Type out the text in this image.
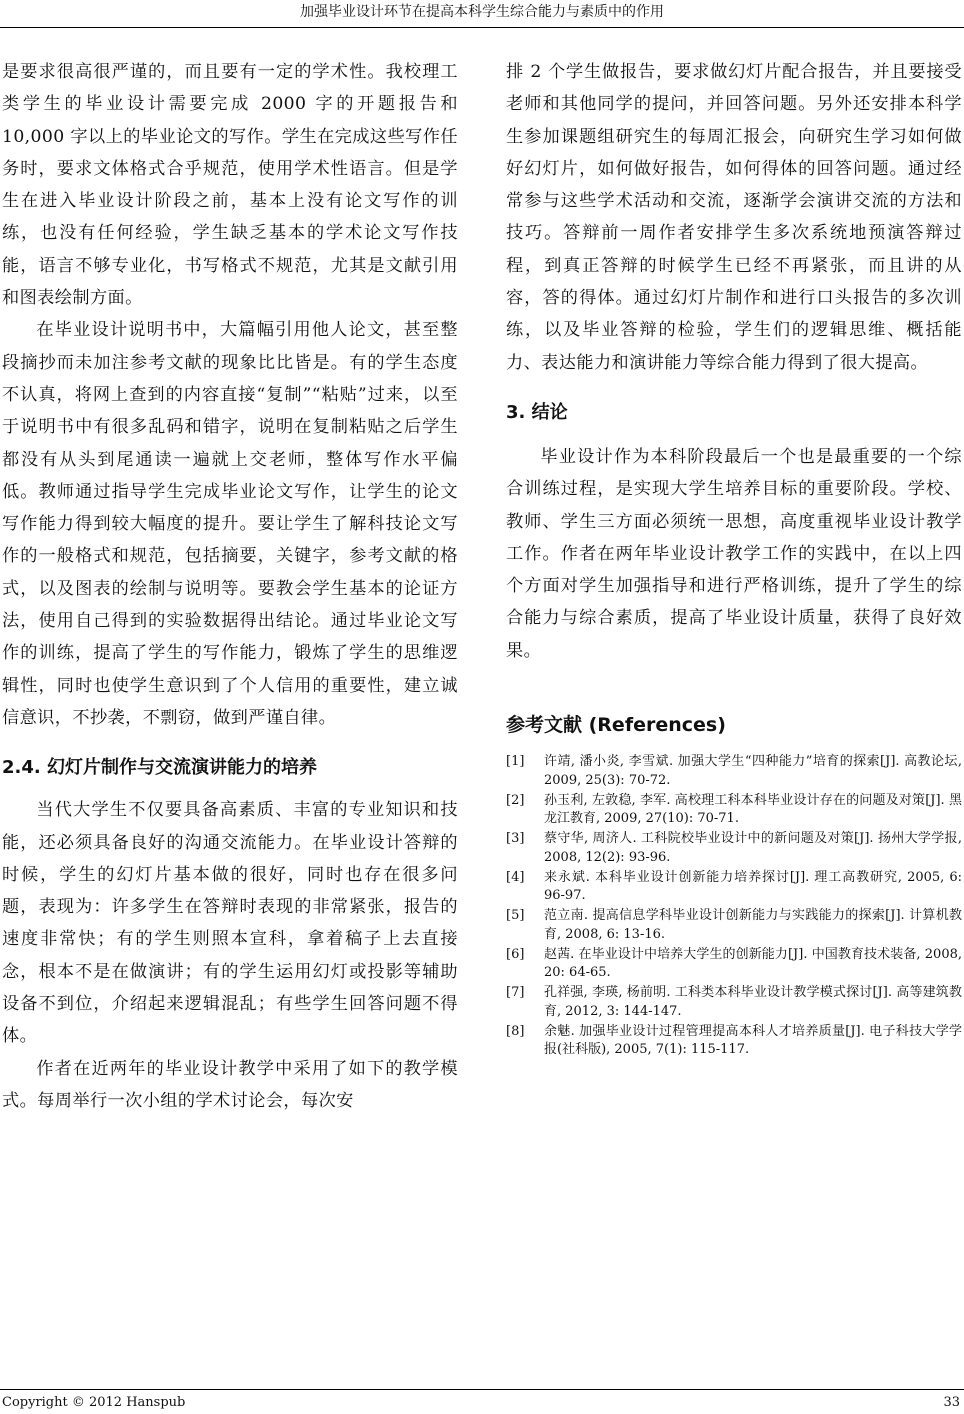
加强毕业设计环节在提高本科学生综合能力与素质中的作用

是要求很高很严谨的，而且要有一定的学术性。我校理工类学生的毕业设计需要完成 2000 字的开题报告和 10,000 字以上的毕业论文的写作。学生在完成这些写作任务时，要求文体格式合乎规范，使用学术性语言。但是学生在进入毕业设计阶段之前，基本上没有论文写作的训练，也没有任何经验，学生缺乏基本的学术论文写作技能，语言不够专业化，书写格式不规范，尤其是文献引用和图表绘制方面。

在毕业设计说明书中，大篇幅引用他人论文，甚至整段摘抄而未加注参考文献的现象比比皆是。有的学生态度不认真，将网上查到的内容直接“复制”“粘贴”过来，以至于说明书中有很多乱码和错字，说明在复制粘贴之后学生都没有从头到尾通读一遍就上交老师，整体写作水平偏低。教师通过指导学生完成毕业论文写作，让学生的论文写作能力得到较大幅度的提升。要让学生了解科技论文写作的一般格式和规范，包括摘要，关键字，参考文献的格式，以及图表的绘制与说明等。要教会学生基本的论证方法，使用自己得到的实验数据得出结论。通过毕业论文写作的训练，提高了学生的写作能力，锻炼了学生的思维逻辑性，同时也使学生意识到了个人信用的重要性，建立诚信意识，不抄袭，不剽窃，做到严谨自律。

2.4. 幻灯片制作与交流演讲能力的培养

当代大学生不仅要具备高素质、丰富的专业知识和技能，还必须具备良好的沟通交流能力。在毕业设计答辩的时候，学生的幻灯片基本做的很好，同时也存在很多问题，表现为：许多学生在答辩时表现的非常紧张，报告的速度非常快；有的学生则照本宣科，拿着稿子上去直接念，根本不是在做演讲；有的学生运用幻灯或投影等辅助设备不到位，介绍起来逻辑混乱；有些学生回答问题不得体。

作者在近两年的毕业设计教学中采用了如下的教学模式。每周举行一次小组的学术讨论会，每次安

排 2 个学生做报告，要求做幻灯片配合报告，并且要接受老师和其他同学的提问，并回答问题。另外还安排本科学生参加课题组研究生的每周汇报会，向研究生学习如何做好幻灯片，如何做好报告，如何得体的回答问题。通过经常参与这些学术活动和交流，逐渐学会演讲交流的方法和技巧。答辩前一周作者安排学生多次系统地预演答辩过程，到真正答辩的时候学生已经不再紧张，而且讲的从容，答的得体。通过幻灯片制作和进行口头报告的多次训练，以及毕业答辩的检验，学生们的逻辑思维、概括能力、表达能力和演讲能力等综合能力得到了很大提高。

3. 结论

毕业设计作为本科阶段最后一个也是最重要的一个综合训练过程，是实现大学生培养目标的重要阶段。学校、教师、学生三方面必须统一思想，高度重视毕业设计教学工作。作者在两年毕业设计教学工作的实践中，在以上四个方面对学生加强指导和进行严格训练，提升了学生的综合能力与综合素质，提高了毕业设计质量，获得了良好效果。

参考文献 (References)
[1]	许靖, 潘小炎, 李雪斌. 加强大学生“四种能力”培育的探索[J]. 高教论坛, 2009, 25(3): 70-72.
[2]	孙玉利, 左敦稳, 李军. 高校理工科本科毕业设计存在的问题及对策[J]. 黑龙江教育, 2009, 27(10): 70-71.
[3]	蔡守华, 周济人. 工科院校毕业设计中的新问题及对策[J]. 扬州大学学报, 2008, 12(2): 93-96.
[4]	来永斌. 本科毕业设计创新能力培养探讨[J]. 理工高教研究, 2005, 6: 96-97.
[5]	范立南. 提高信息学科毕业设计创新能力与实践能力的探索[J]. 计算机教育, 2008, 6: 13-16.
[6]	赵茜. 在毕业设计中培养大学生的创新能力[J]. 中国教育技术装备, 2008, 20: 64-65.
[7]	孔祥强, 李瑛, 杨前明. 工科类本科毕业设计教学模式探讨[J]. 高等建筑教育, 2012, 3: 144-147.
[8]	余魅. 加强毕业设计过程管理提高本科人才培养质量[J]. 电子科技大学学报(社科版), 2005, 7(1): 115-117.
Copyright © 2012 Hanspub	33
